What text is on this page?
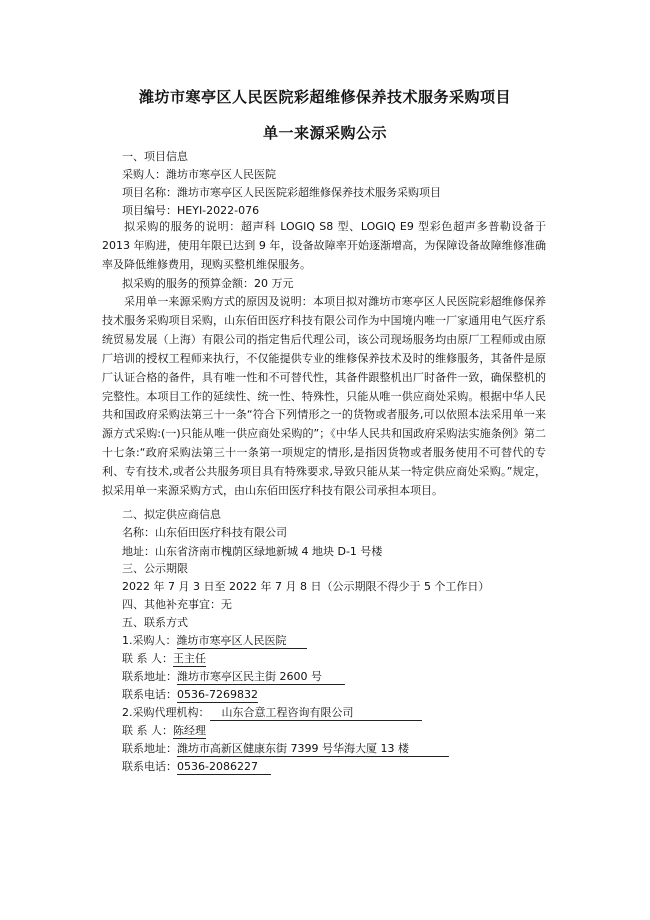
潍坊市寒亭区人民医院彩超维修保养技术服务采购项目
单一来源采购公示
一、项目信息
采购人：潍坊市寒亭区人民医院
项目名称：潍坊市寒亭区人民医院彩超维修保养技术服务采购项目
项目编号：HEYI-2022-076
拟采购的服务的说明：超声科 LOGIQ S8 型、LOGIQ E9 型彩色超声多普勒设备于 2013 年购进，使用年限已达到 9 年，设备故障率开始逐渐增高，为保障设备故障维修准确率及降低维修费用，现购买整机维保服务。
拟采购的服务的预算金额：20 万元
采用单一来源采购方式的原因及说明：本项目拟对潍坊市寒亭区人民医院彩超维修保养技术服务采购项目采购，山东佰田医疗科技有限公司作为中国境内唯一厂家通用电气医疗系统贸易发展（上海）有限公司的指定售后代理公司，该公司现场服务均由原厂工程师或由原厂培训的授权工程师来执行，不仅能提供专业的维修保养技术及时的维修服务，其备件是原厂认证合格的备件，具有唯一性和不可替代性，其备件跟整机出厂时备件一致，确保整机的完整性。本项目工作的延续性、统一性、特殊性，只能从唯一供应商处采购。根据中华人民共和国政府采购法第三十一条“符合下列情形之一的货物或者服务,可以依照本法采用单一来源方式采购:(一)只能从唯一供应商处采购的”；《中华人民共和国政府采购法实施条例》第二十七条:“政府采购法第三十一条第一项规定的情形,是指因货物或者服务使用不可替代的专利、专有技术,或者公共服务项目具有特殊要求,导致只能从某一特定供应商处采购。”规定，拟采用单一来源采购方式，由山东佰田医疗科技有限公司承担本项目。
二、拟定供应商信息
名称：山东佰田医疗科技有限公司
地址：山东省济南市槐荫区绿地新城 4 地块 D-1 号楼
三、公示期限
2022 年 7 月 3 日至 2022 年 7 月 8 日（公示期限不得少于 5 个工作日）
四、其他补充事宜：无
五、联系方式
1.采购人：潍坊市寒亭区人民医院
联 系 人：王主任
联系地址：潍坊市寒亭区民主街 2600 号
联系电话：0536-7269832
2.采购代理机构： 山东合意工程咨询有限公司
联 系 人：陈经理
联系地址：潍坊市高新区健康东街 7399 号华海大厦 13 楼
联系电话：0536-2086227
